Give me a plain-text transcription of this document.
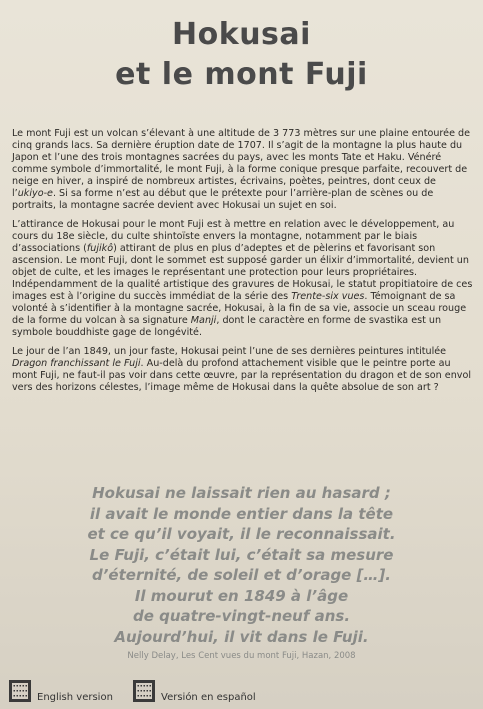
Hokusai
et le mont Fuji

Le mont Fuji est un volcan s’élevant à une altitude de 3 773 mètres sur une plaine entourée de cinq grands lacs. Sa dernière éruption date de 1707. Il s’agit de la montagne la plus haute du Japon et l’une des trois montagnes sacrées du pays, avec les monts Tate et Haku. Vénéré comme symbole d’immortalité, le mont Fuji, à la forme conique presque parfaite, recouvert de neige en hiver, a inspiré de nombreux artistes, écrivains, poètes, peintres, dont ceux de l’ukiyo-e. Si sa forme n’est au début que le prétexte pour l’arrière-plan de scènes ou de portraits, la montagne sacrée devient avec Hokusai un sujet en soi.

L’attirance de Hokusai pour le mont Fuji est à mettre en relation avec le développement, au cours du 18e siècle, du culte shintoïste envers la montagne, notamment par le biais d’associations (fujikô) attirant de plus en plus d’adeptes et de pèlerins et favorisant son ascension. Le mont Fuji, dont le sommet est supposé garder un élixir d’immortalité, devient un objet de culte, et les images le représentant une protection pour leurs propriétaires. Indépendamment de la qualité artistique des gravures de Hokusai, le statut propitiatoire de ces images est à l’origine du succès immédiat de la série des Trente-six vues. Témoignant de sa volonté à s’identifier à la montagne sacrée, Hokusai, à la fin de sa vie, associe un sceau rouge de la forme du volcan à sa signature Manji, dont le caractère en forme de svastika est un symbole bouddhiste gage de longévité.

Le jour de l’an 1849, un jour faste, Hokusai peint l’une de ses dernières peintures intitulée Dragon franchissant le Fuji. Au-delà du profond attachement visible que le peintre porte au mont Fuji, ne faut-il pas voir dans cette œuvre, par la représentation du dragon et de son envol vers des horizons célestes, l’image même de Hokusai dans la quête absolue de son art ?

Hokusai ne laissait rien au hasard ;
il avait le monde entier dans la tête
et ce qu’il voyait, il le reconnaissait.
Le Fuji, c’était lui, c’était sa mesure
d’éternité, de soleil et d’orage […].
Il mourut en 1849 à l’âge
de quatre-vingt-neuf ans.
Aujourd’hui, il vit dans le Fuji.
Nelly Delay, Les Cent vues du mont Fuji, Hazan, 2008
English version	Versión en español
